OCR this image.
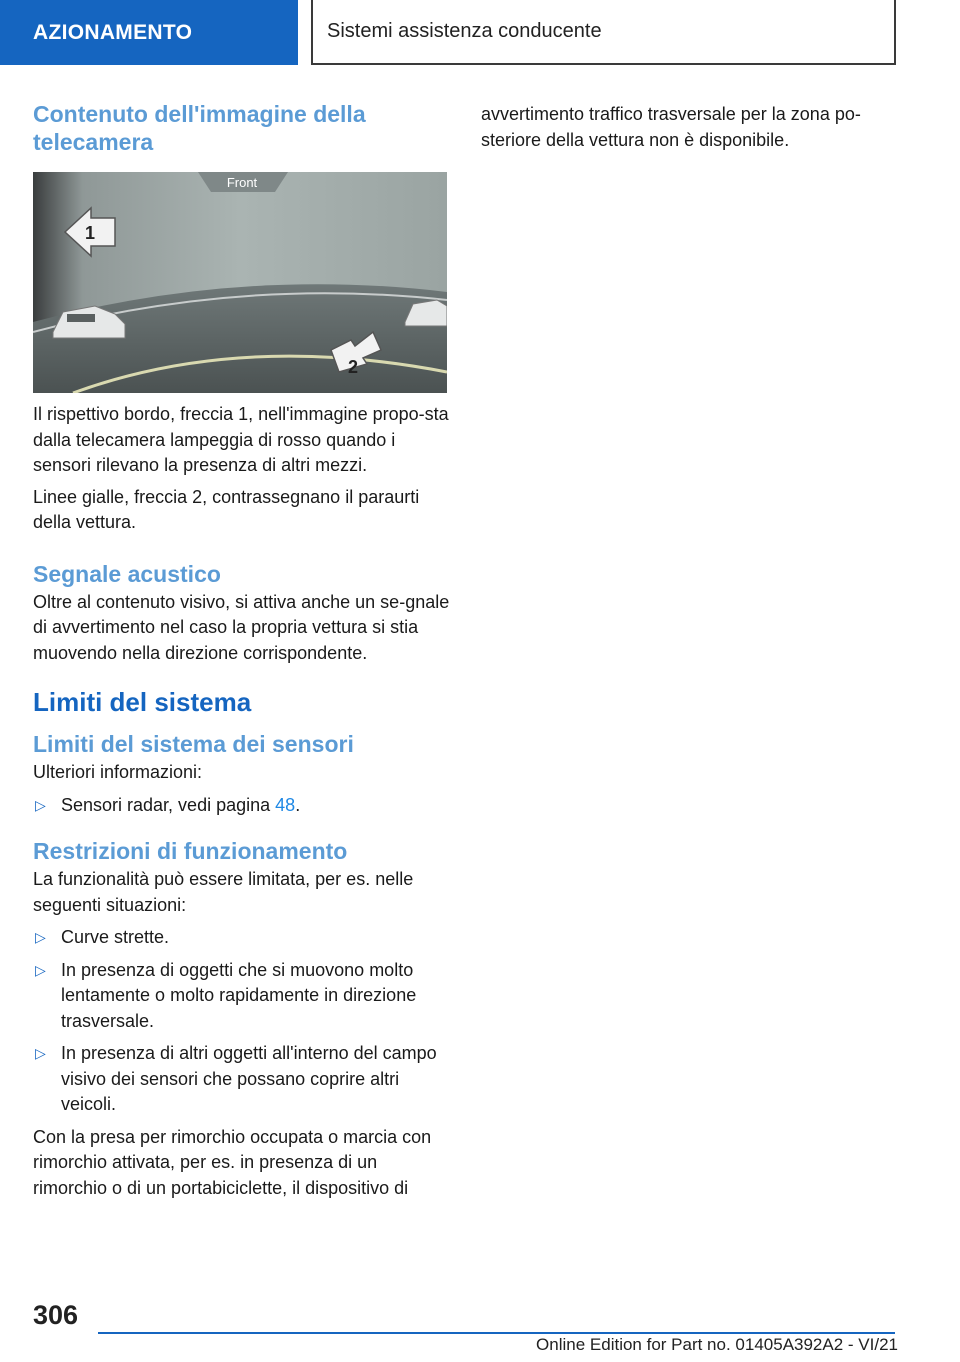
AZIONAMENTO	Sistemi assistenza conducente
Contenuto dell'immagine della telecamera
Front
1
2

Il rispettivo bordo, freccia 1, nell'immagine propo-sta dalla telecamera lampeggia di rosso quando i sensori rilevano la presenza di altri mezzi.

Linee gialle, freccia 2, contrassegnano il paraurti della vettura.

Segnale acustico

Oltre al contenuto visivo, si attiva anche un se-gnale di avvertimento nel caso la propria vettura si stia muovendo nella direzione corrispondente.

Limiti del sistema
Limiti del sistema dei sensori

Ulteriori informazioni:

▷ Sensori radar, vedi pagina 48.
Restrizioni di funzionamento

La funzionalità può essere limitata, per es. nelle seguenti situazioni:

▷ Curve strette.
▷ In presenza di oggetti che si muovono molto lentamente o molto rapidamente in direzione trasversale.
▷ In presenza di altri oggetti all'interno del campo visivo dei sensori che possano coprire altri veicoli.

Con la presa per rimorchio occupata o marcia con rimorchio attivata, per es. in presenza di un rimorchio o di un portabiciclette, il dispositivo di

avvertimento traffico trasversale per la zona po-steriore della vettura non è disponibile.

306
Online Edition for Part no. 01405A392A2 - VI/21
